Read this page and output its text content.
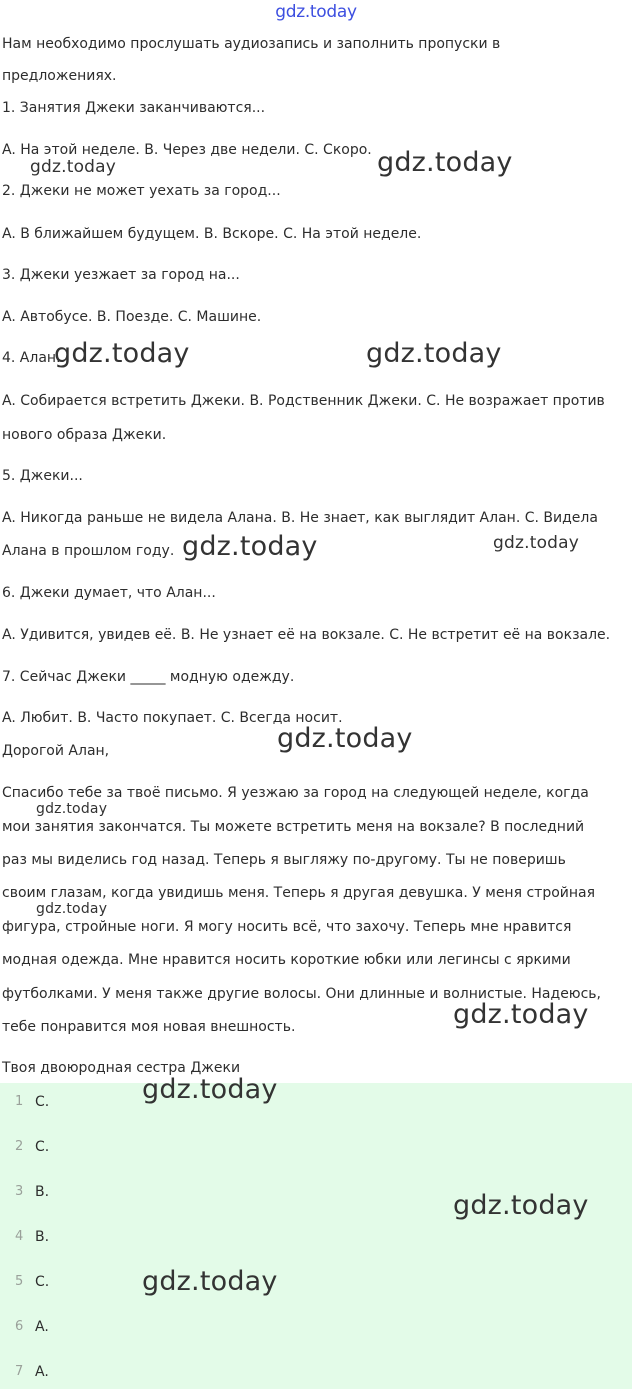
gdz.today
Нам необходимо прослушать аудиозапись и заполнить пропуски в
предложениях.
1. Занятия Джеки заканчиваются...
A. На этой неделе. B. Через две недели. C. Скоро.
2. Джеки не может уехать за город...
A. В ближайшем будущем. B. Вскоре. C. На этой неделе.
3. Джеки уезжает за город на...
A. Автобусе. B. Поезде. C. Машине.
4. Алан...
A. Собирается встретить Джеки. B. Родственник Джеки. C. Не возражает против
нового образа Джеки.
5. Джеки...
A. Никогда раньше не видела Алана. B. Не знает, как выглядит Алан. C. Видела
Алана в прошлом году.
6. Джеки думает, что Алан...
A. Удивится, увидев её. B. Не узнает её на вокзале. C. Не встретит её на вокзале.
7. Сейчас Джеки _____ модную одежду.
A. Любит. B. Часто покупает. C. Всегда носит.
Дорогой Алан,
Спасибо тебе за твоё письмо. Я уезжаю за город на следующей неделе, когда
мои занятия закончатся. Ты можете встретить меня на вокзале? В последний
раз мы виделись год назад. Теперь я выгляжу по-другому. Ты не поверишь
своим глазам, когда увидишь меня. Теперь я другая девушка. У меня стройная
фигура, стройные ноги. Я могу носить всё, что захочу. Теперь мне нравится
модная одежда. Мне нравится носить короткие юбки или легинсы с яркими
футболками. У меня также другие волосы. Они длинные и волнистые. Надеюсь,
тебе понравится моя новая внешность.
Твоя двоюродная сестра Джеки
1 C.
2 C.
3 B.
4 B.
5 C.
6 A.
7 A.
gdz.today	gdz.today
gdz.today	gdz.today
gdz.today	gdz.today
gdz.today
gdz.today
gdz.today
gdz.today
gdz.today
gdz.today
gdz.today
